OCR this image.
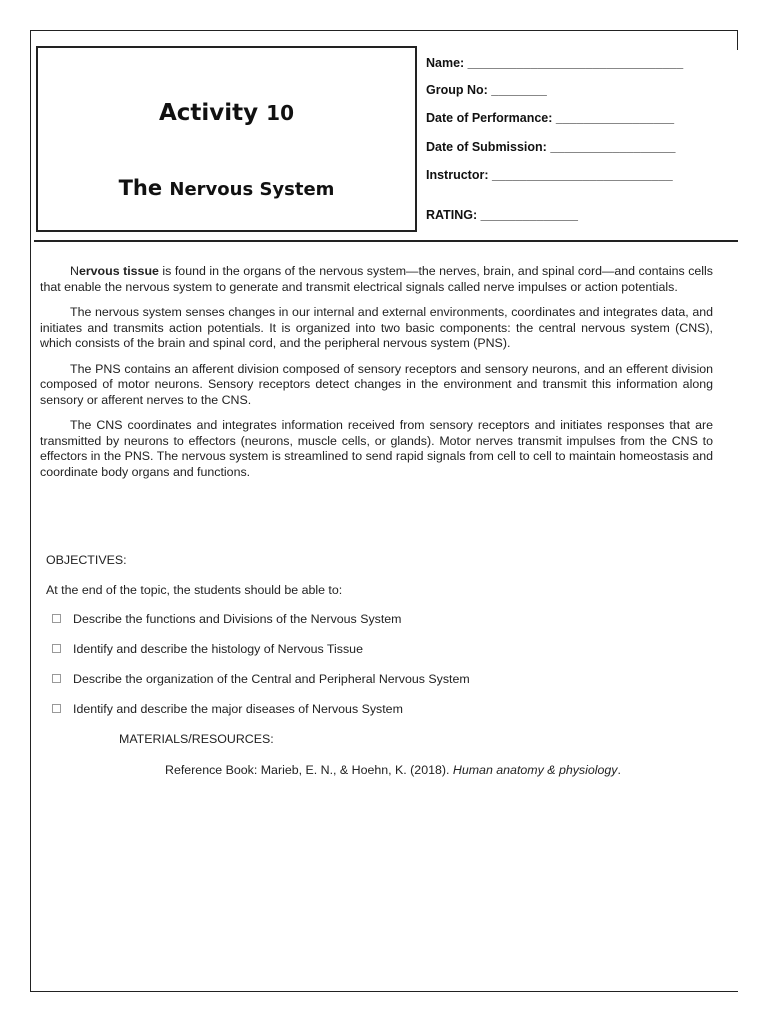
Activity 10
The Nervous System
Name: _______________________________
Group No: ________
Date of Performance: _________________
Date of Submission: __________________
Instructor: __________________________
RATING: ______________

Nervous tissue is found in the organs of the nervous system—the nerves, brain, and spinal cord—and contains cells that enable the nervous system to generate and transmit electrical signals called nerve impulses or action potentials.

The nervous system senses changes in our internal and external environments, coordinates and integrates data, and initiates and transmits action potentials. It is organized into two basic components: the central nervous system (CNS), which consists of the brain and spinal cord, and the peripheral nervous system (PNS).

The PNS contains an afferent division composed of sensory receptors and sensory neurons, and an efferent division composed of motor neurons. Sensory receptors detect changes in the environment and transmit this information along sensory or afferent nerves to the CNS.

The CNS coordinates and integrates information received from sensory receptors and initiates responses that are transmitted by neurons to effectors (neurons, muscle cells, or glands). Motor nerves transmit impulses from the CNS to effectors in the PNS. The nervous system is streamlined to send rapid signals from cell to cell to maintain homeostasis and coordinate body organs and functions.

OBJECTIVES:
At the end of the topic, the students should be able to:
Describe the functions and Divisions of the Nervous System
Identify and describe the histology of Nervous Tissue
Describe the organization of the Central and Peripheral Nervous System
Identify and describe the major diseases of Nervous System
MATERIALS/RESOURCES:
Reference Book: Marieb, E. N., & Hoehn, K. (2018). Human anatomy & physiology.
